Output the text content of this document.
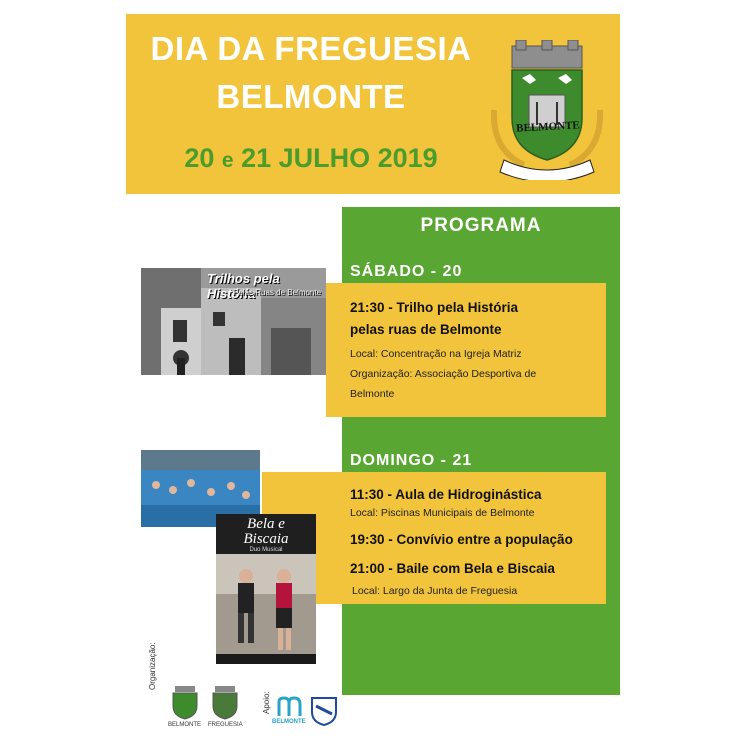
DIA DA FREGUESIA
BELMONTE
20 e 21 JULHO 2019
BELMONTE
PROGRAMA
SÁBADO - 20
21:30 - Trilho pela História
pelas ruas de Belmonte
Local: Concentração na Igreja Matriz
Organização: Associação Desportiva de
Belmonte
Trilhos pela História
Pelas Ruas de Belmonte
DOMINGO - 21
11:30 - Aula de Hidroginástica
Local: Piscinas Municipais de Belmonte
19:30 - Convívio entre a população
21:00 - Baile com Bela e Biscaia
Local: Largo da Junta de Freguesia
Bela e
Biscaia
Duo Musical
Organização:
BELMONTE FREGUESIA
Apoio:
BELMONTE
